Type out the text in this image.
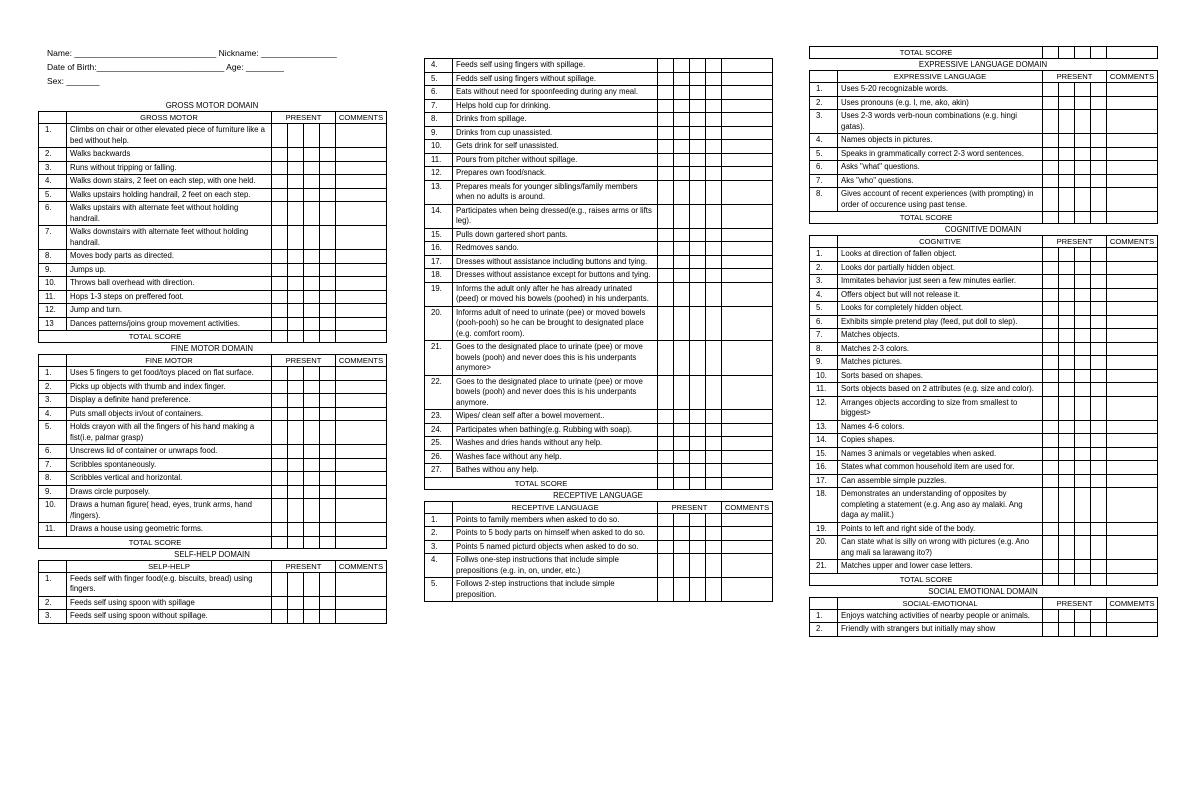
Name: ______________________________ Nickname: ________________
Date of Birth:___________________________ Age: ________
Sex: _______
GROSS MOTOR DOMAIN
	GROSS MOTOR	PRESENT				COMMENTS
1.	Climbs on chair or other elevated piece of furniture like a bed without help.					
2.	Walks backwards					
3.	Runs without tripping or falling.					
4.	Walks down stairs, 2 feet on each step, with one held.					
5.	Walks upstairs holding handrail, 2 feet on each step.					
6.	Walks upstairs with alternate feet without holding handrail.					
7.	Walks downstairs with alternate feet without holding handrail.					
8.	Moves body parts as directed.					
9.	Jumps up.					
10.	Throws ball overhead with direction.					
11.	Hops 1-3 steps on preffered foot.					
12.	Jump and turn.					
13	Dances patterns/joins group movement activities.					
TOTAL SCORE						
FINE MOTOR DOMAIN
	FINE MOTOR	PRESENT				COMMENTS
1.	Uses 5 fingers to get food/toys placed on flat surface.					
2.	Picks up objects with thumb and index finger.					
3.	Display a definite hand preference.					
4.	Puts small objects in/out of containers.					
5.	Holds crayon with all the fingers of his hand making a fist(i.e, palmar grasp)					
6.	Unscrews lid of container or unwraps food.					
7.	Scribbles spontaneously.					
8.	Scribbles vertical and horizontal.					
9.	Draws circle purposely.					
10.	Draws a human figure( head, eyes, trunk arms, hand /fingers).					
11.	Draws a house using geometric forms.					
TOTAL SCORE						
SELF-HELP DOMAIN
	SELP-HELP	PRESENT				COMMENTS
1.	Feeds self with finger food(e.g. biscuits, bread) using fingers.					
2.	Feeds self using spoon with spillage					
3.	Feeds self using spoon without spillage.					
4.	Feeds self using fingers with spillage.					
5.	Fedds self using fingers without spillage.					
6.	Eats without need for spoonfeeding during any meal.					
7.	Helps hold cup for drinking.					
8.	Drinks from spillage.					
9.	Drinks from cup unassisted.					
10.	Gets drink for self unassisted.					
11.	Pours from pitcher without spillage.					
12.	Prepares own food/snack.					
13.	Prepares meals for younger siblings/family members when no adults is around.					
14.	Participates when being dressed(e.g., raises arms or lifts leg).					
15.	Pulls down gartered short pants.					
16.	Redmoves sando.					
17.	Dresses without assistance including buttons and tying.					
18.	Dresses without assistance except for buttons and tying.					
19.	Informs the adult only after he has already urinated (peed) or moved his bowels (poohed) in his underpants.					
20.	Informs adult of need to urinate (pee) or moved bowels (pooh-pooh) so he can be brought to designated place (e.g. comfort room).					
21.	Goes to the designated place to urinate (pee) or move bowels (pooh) and never does this is his underpants anymore>					
22.	Goes to the designated place to urinate (pee) or move bowels (pooh) and never does this is his underpants anymore.					
23.	Wipes/ clean self after a bowel movement..					
24.	Participates when bathing(e.g. Rubbing with soap).					
25.	Washes and dries hands without any help.					
26.	Washes face without any help.					
27.	Bathes withou any help.					
TOTAL SCORE						
RECEPTIVE LANGUAGE
	RECEPTIVE LANGUAGE	PRESENT				COMMENTS
1.	Points to family members when asked to do so.					
2.	Points to 5 body parts on himself when asked to do so.					
3.	Points 5 named picturd objects when asked to do so.					
4.	Follws one-step instructions that include simple prepositions (e.g. in, on, under, etc.)					
5.	Follows 2-step instructions that include simple preposition.					
TOTAL SCORE					
EXPRESSIVE LANGUAGE DOMAIN
	EXPRESSIVE LANGUAGE	PRESENT				COMMENTS
1.	Uses 5-20 recognizable words.					
2.	Uses pronouns (e.g. I, me, ako, akin)					
3.	Uses 2-3 words verb-noun combinations (e.g. hingi gatas).					
4.	Names objects in pictures.					
5.	Speaks in grammatically correct 2-3 word sentences.					
6.	Asks "what" questions.					
7.	Aks "who" questions.					
8.	Gives account of recent experiences (with prompting) in order of occurence using past tense.					
TOTAL SCORE						
COGNITIVE DOMAIN
	COGNITIVE	PRESENT				COMMENTS
1.	Looks at direction of fallen object.					
2.	Looks dor partially hidden object.					
3.	Immitates behavior just seen a few minutes earlier.					
4.	Offers object but will not release it.					
5.	Looks for completely hidden object.					
6.	Exhibits simple pretend play (feed, put doll to slep).					
7.	Matches objects.					
8.	Matches 2-3 colors.					
9.	Matches pictures.					
10.	Sorts based on shapes.					
11.	Sorts objects based on 2 attributes (e.g. size and color).					
12.	Arranges objects according to size from smallest to biggest>					
13.	Names 4-6 colors.					
14.	Copies shapes.					
15.	Names 3 animals or vegetables when asked.					
16.	States what common household item are used for.					
17.	Can assemble simple puzzles.					
18.	Demonstrates an understanding of opposites by completing a statement (e.g. Ang aso ay malaki. Ang daga ay maliit.)					
19.	Points to left and right side of the body.					
20.	Can state what is silly on wrong with pictures (e.g. Ano ang mali sa larawang ito?)					
21.	Matches upper and lower case letters.					
TOTAL SCORE						
SOCIAL EMOTIONAL DOMAIN
	SOCIAL-EMOTIONAL	PRESENT				COMMEMTS
1.	Enjoys watching activities of nearby people or animals.					
2.	Friendly with strangers but initially may show					
